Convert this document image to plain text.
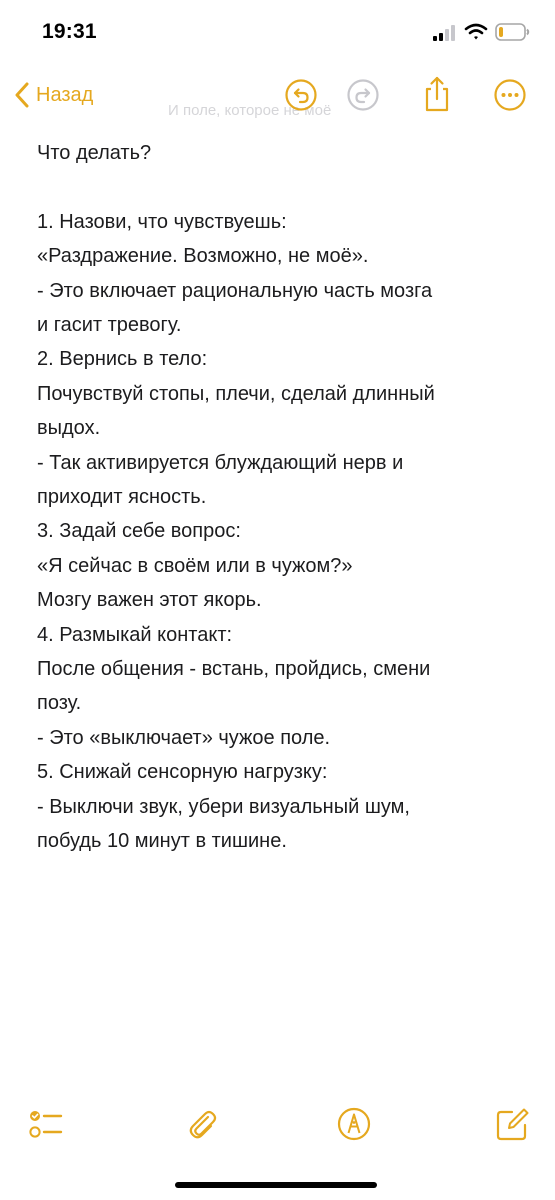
19:31
И поле, которое не моё
Назад
Что делать?
1. Назови, что чувствуешь:
«Раздражение. Возможно, не моё».
- Это включает рациональную часть мозга
и гасит тревогу.
2. Вернись в тело:
Почувствуй стопы, плечи, сделай длинный
выдох.
- Так активируется блуждающий нерв и
приходит ясность.
3. Задай себе вопрос:
«Я сейчас в своём или в чужом?»
Мозгу важен этот якорь.
4. Размыкай контакт:
После общения - встань, пройдись, смени
позу.
- Это «выключает» чужое поле.
5. Снижай сенсорную нагрузку:
- Выключи звук, убери визуальный шум,
побудь 10 минут в тишине.
